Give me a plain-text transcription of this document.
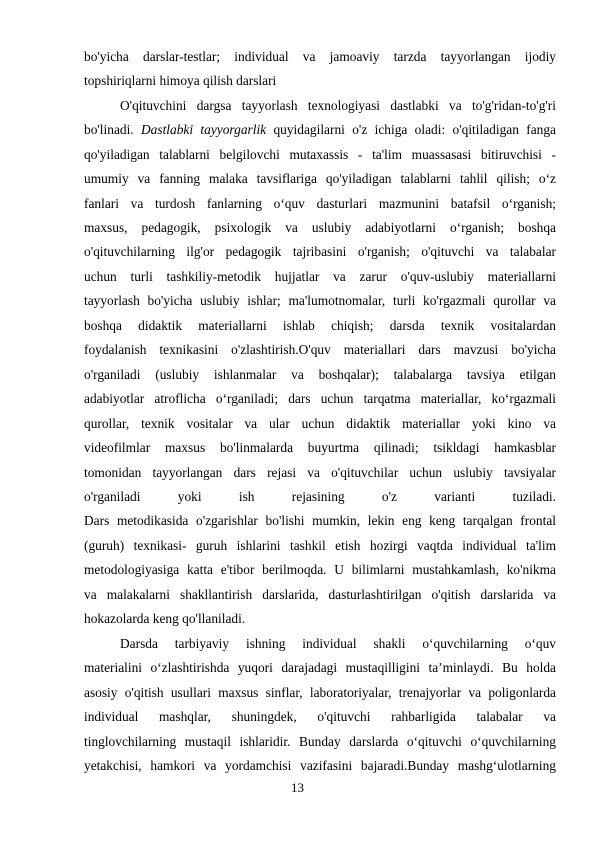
bo'yicha darslar-testlar; individual va jamoaviy tarzda tayyorlangan ijodiy
topshiriqlarni himoya qilish darslari
O'qituvchini dargsa tayyorlash texnologiyasi dastlabki va to'g'ridan-to'g'ri
bo'linadi. Dastlabki tayyorgarlik quyidagilarni o'z ichiga oladi: o'qitiladigan fanga
qo'yiladigan talablarni belgilovchi mutaxassis - ta'lim muassasasi bitiruvchisi -
umumiy va fanning malaka tavsiflariga qo'yiladigan talablarni tahlil qilish; o‘z
fanlari va turdosh fanlarning o‘quv dasturlari mazmunini batafsil o‘rganish;
maxsus, pedagogik, psixologik va uslubiy adabiyotlarni o‘rganish; boshqa
o'qituvchilarning ilg'or pedagogik tajribasini o'rganish; o'qituvchi va talabalar
uchun turli tashkiliy-metodik hujjatlar va zarur o'quv-uslubiy materiallarni
tayyorlash bo'yicha uslubiy ishlar; ma'lumotnomalar, turli ko'rgazmali qurollar va
boshqa didaktik materiallarni ishlab chiqish; darsda texnik vositalardan
foydalanish texnikasini o'zlashtirish.O'quv materiallari dars mavzusi bo'yicha
o'rganiladi (uslubiy ishlanmalar va boshqalar); talabalarga tavsiya etilgan
adabiyotlar atroflicha o‘rganiladi; dars uchun tarqatma materiallar, ko‘rgazmali
qurollar, texnik vositalar va ular uchun didaktik materiallar yoki kino va
videofilmlar maxsus bo'linmalarda buyurtma qilinadi; tsikldagi hamkasblar
tomonidan tayyorlangan dars rejasi va o'qituvchilar uchun uslubiy tavsiyalar
o'rganiladi yoki ish rejasining o'z varianti tuziladi.
Dars metodikasida o'zgarishlar bo'lishi mumkin, lekin eng keng tarqalgan frontal
(guruh) texnikasi- guruh ishlarini tashkil etish hozirgi vaqtda individual ta'lim
metodologiyasiga katta e'tibor berilmoqda. U bilimlarni mustahkamlash, ko'nikma
va malakalarni shakllantirish darslarida, dasturlashtirilgan o'qitish darslarida va
hokazolarda keng qo'llaniladi.
Darsda tarbiyaviy ishning individual shakli o‘quvchilarning o‘quv
materialini o‘zlashtirishda yuqori darajadagi mustaqilligini ta’minlaydi. Bu holda
asosiy o'qitish usullari maxsus sinflar, laboratoriyalar, trenajyorlar va poligonlarda
individual mashqlar, shuningdek, o'qituvchi rahbarligida talabalar va
tinglovchilarning mustaqil ishlaridir. Bunday darslarda o‘qituvchi o‘quvchilarning
yetakchisi, hamkori va yordamchisi vazifasini bajaradi.Bunday mashg‘ulotlarning
13
